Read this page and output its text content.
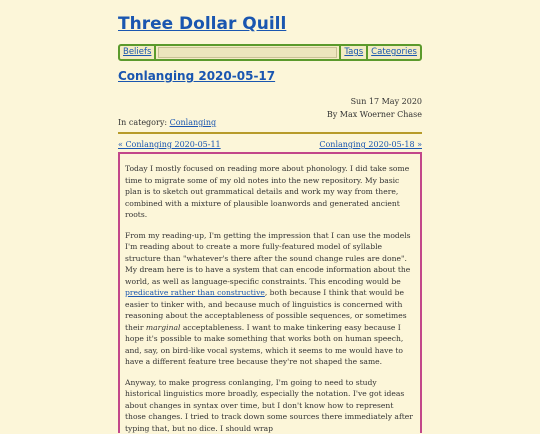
Three Dollar Quill
Beliefs	Tags Categories
Conlanging 2020-05-17
Sun 17 May 2020
By Max Woerner Chase
In category: Conlanging
« Conlanging 2020-05-11	Conlanging 2020-05-18 »

Today I mostly focused on reading more about phonology. I did take some time to migrate some of my old notes into the new repository. My basic plan is to sketch out grammatical details and work my way from there, combined with a mixture of plausible loanwords and generated ancient roots.

From my reading-up, I'm getting the impression that I can use the models I'm reading about to create a more fully-featured model of syllable structure than "whatever's there after the sound change rules are done". My dream here is to have a system that can encode information about the world, as well as language-specific constraints. This encoding would be predicative rather than constructive, both because I think that would be easier to tinker with, and because much of linguistics is concerned with reasoning about the acceptableness of possible sequences, or sometimes their marginal acceptableness. I want to make tinkering easy because I hope it's possible to make something that works both on human speech, and, say, on bird-like vocal systems, which it seems to me would have to have a different feature tree because they're not shaped the same.

Anyway, to make progress conlanging, I'm going to need to study historical linguistics more broadly, especially the notation. I've got ideas about changes in syntax over time, but I don't know how to represent those changes. I tried to track down some sources there immediately after typing that, but no dice. I should wrap
